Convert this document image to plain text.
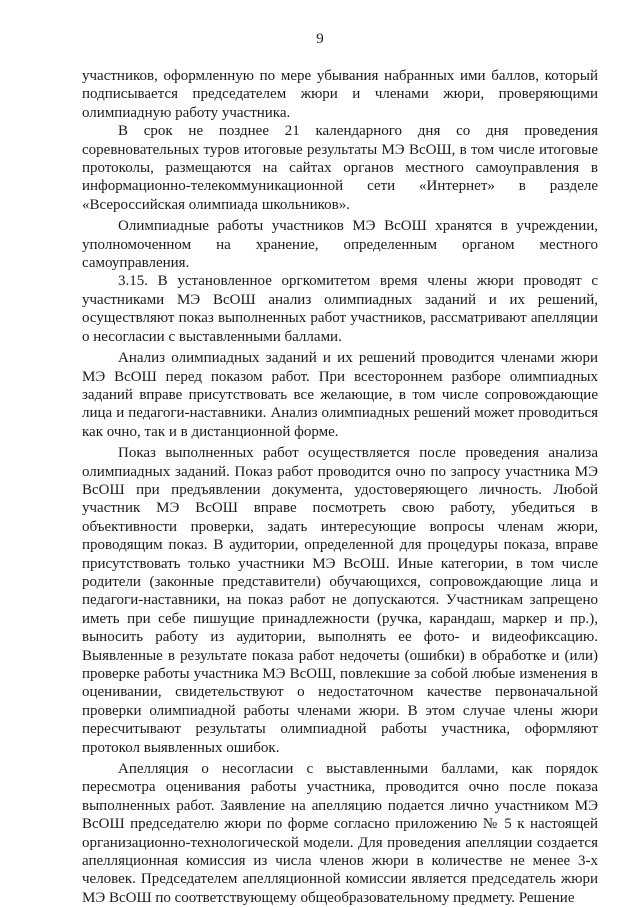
9

участников, оформленную по мере убывания набранных ими баллов, который подписывается председателем жюри и членами жюри, проверяющими олимпиадную работу участника.

В срок не позднее 21 календарного дня со дня проведения соревновательных туров итоговые результаты МЭ ВсОШ, в том числе итоговые протоколы, размещаются на сайтах органов местного самоуправления в информационно-телекоммуникационной сети «Интернет» в разделе «Всероссийская олимпиада школьников».

Олимпиадные работы участников МЭ ВсОШ хранятся в учреждении, уполномоченном на хранение, определенным органом местного самоуправления.

3.15. В установленное оргкомитетом время члены жюри проводят с участниками МЭ ВсОШ анализ олимпиадных заданий и их решений, осуществляют показ выполненных работ участников, рассматривают апелляции о несогласии с выставленными баллами.

Анализ олимпиадных заданий и их решений проводится членами жюри МЭ ВсОШ перед показом работ. При всестороннем разборе олимпиадных заданий вправе присутствовать все желающие, в том числе сопровождающие лица и педагоги-наставники. Анализ олимпиадных решений может проводиться как очно, так и в дистанционной форме.

Показ выполненных работ осуществляется после проведения анализа олимпиадных заданий. Показ работ проводится очно по запросу участника МЭ ВсОШ при предъявлении документа, удостоверяющего личность. Любой участник МЭ ВсОШ вправе посмотреть свою работу, убедиться в объективности проверки, задать интересующие вопросы членам жюри, проводящим показ. В аудитории, определенной для процедуры показа, вправе присутствовать только участники МЭ ВсОШ. Иные категории, в том числе родители (законные представители) обучающихся, сопровождающие лица и педагоги-наставники, на показ работ не допускаются. Участникам запрещено иметь при себе пишущие принадлежности (ручка, карандаш, маркер и пр.), выносить работу из аудитории, выполнять ее фото- и видеофиксацию. Выявленные в результате показа работ недочеты (ошибки) в обработке и (или) проверке работы участника МЭ ВсОШ, повлекшие за собой любые изменения в оценивании, свидетельствуют о недостаточном качестве первоначальной проверки олимпиадной работы членами жюри. В этом случае члены жюри пересчитывают результаты олимпиадной работы участника, оформляют протокол выявленных ошибок.

Апелляция о несогласии с выставленными баллами, как порядок пересмотра оценивания работы участника, проводится очно после показа выполненных работ. Заявление на апелляцию подается лично участником МЭ ВсОШ председателю жюри по форме согласно приложению № 5 к настоящей организационно-технологической модели. Для проведения апелляции создается апелляционная комиссия из числа членов жюри в количестве не менее 3-х человек. Председателем апелляционной комиссии является председатель жюри МЭ ВсОШ по соответствующему общеобразовательному предмету. Решение
